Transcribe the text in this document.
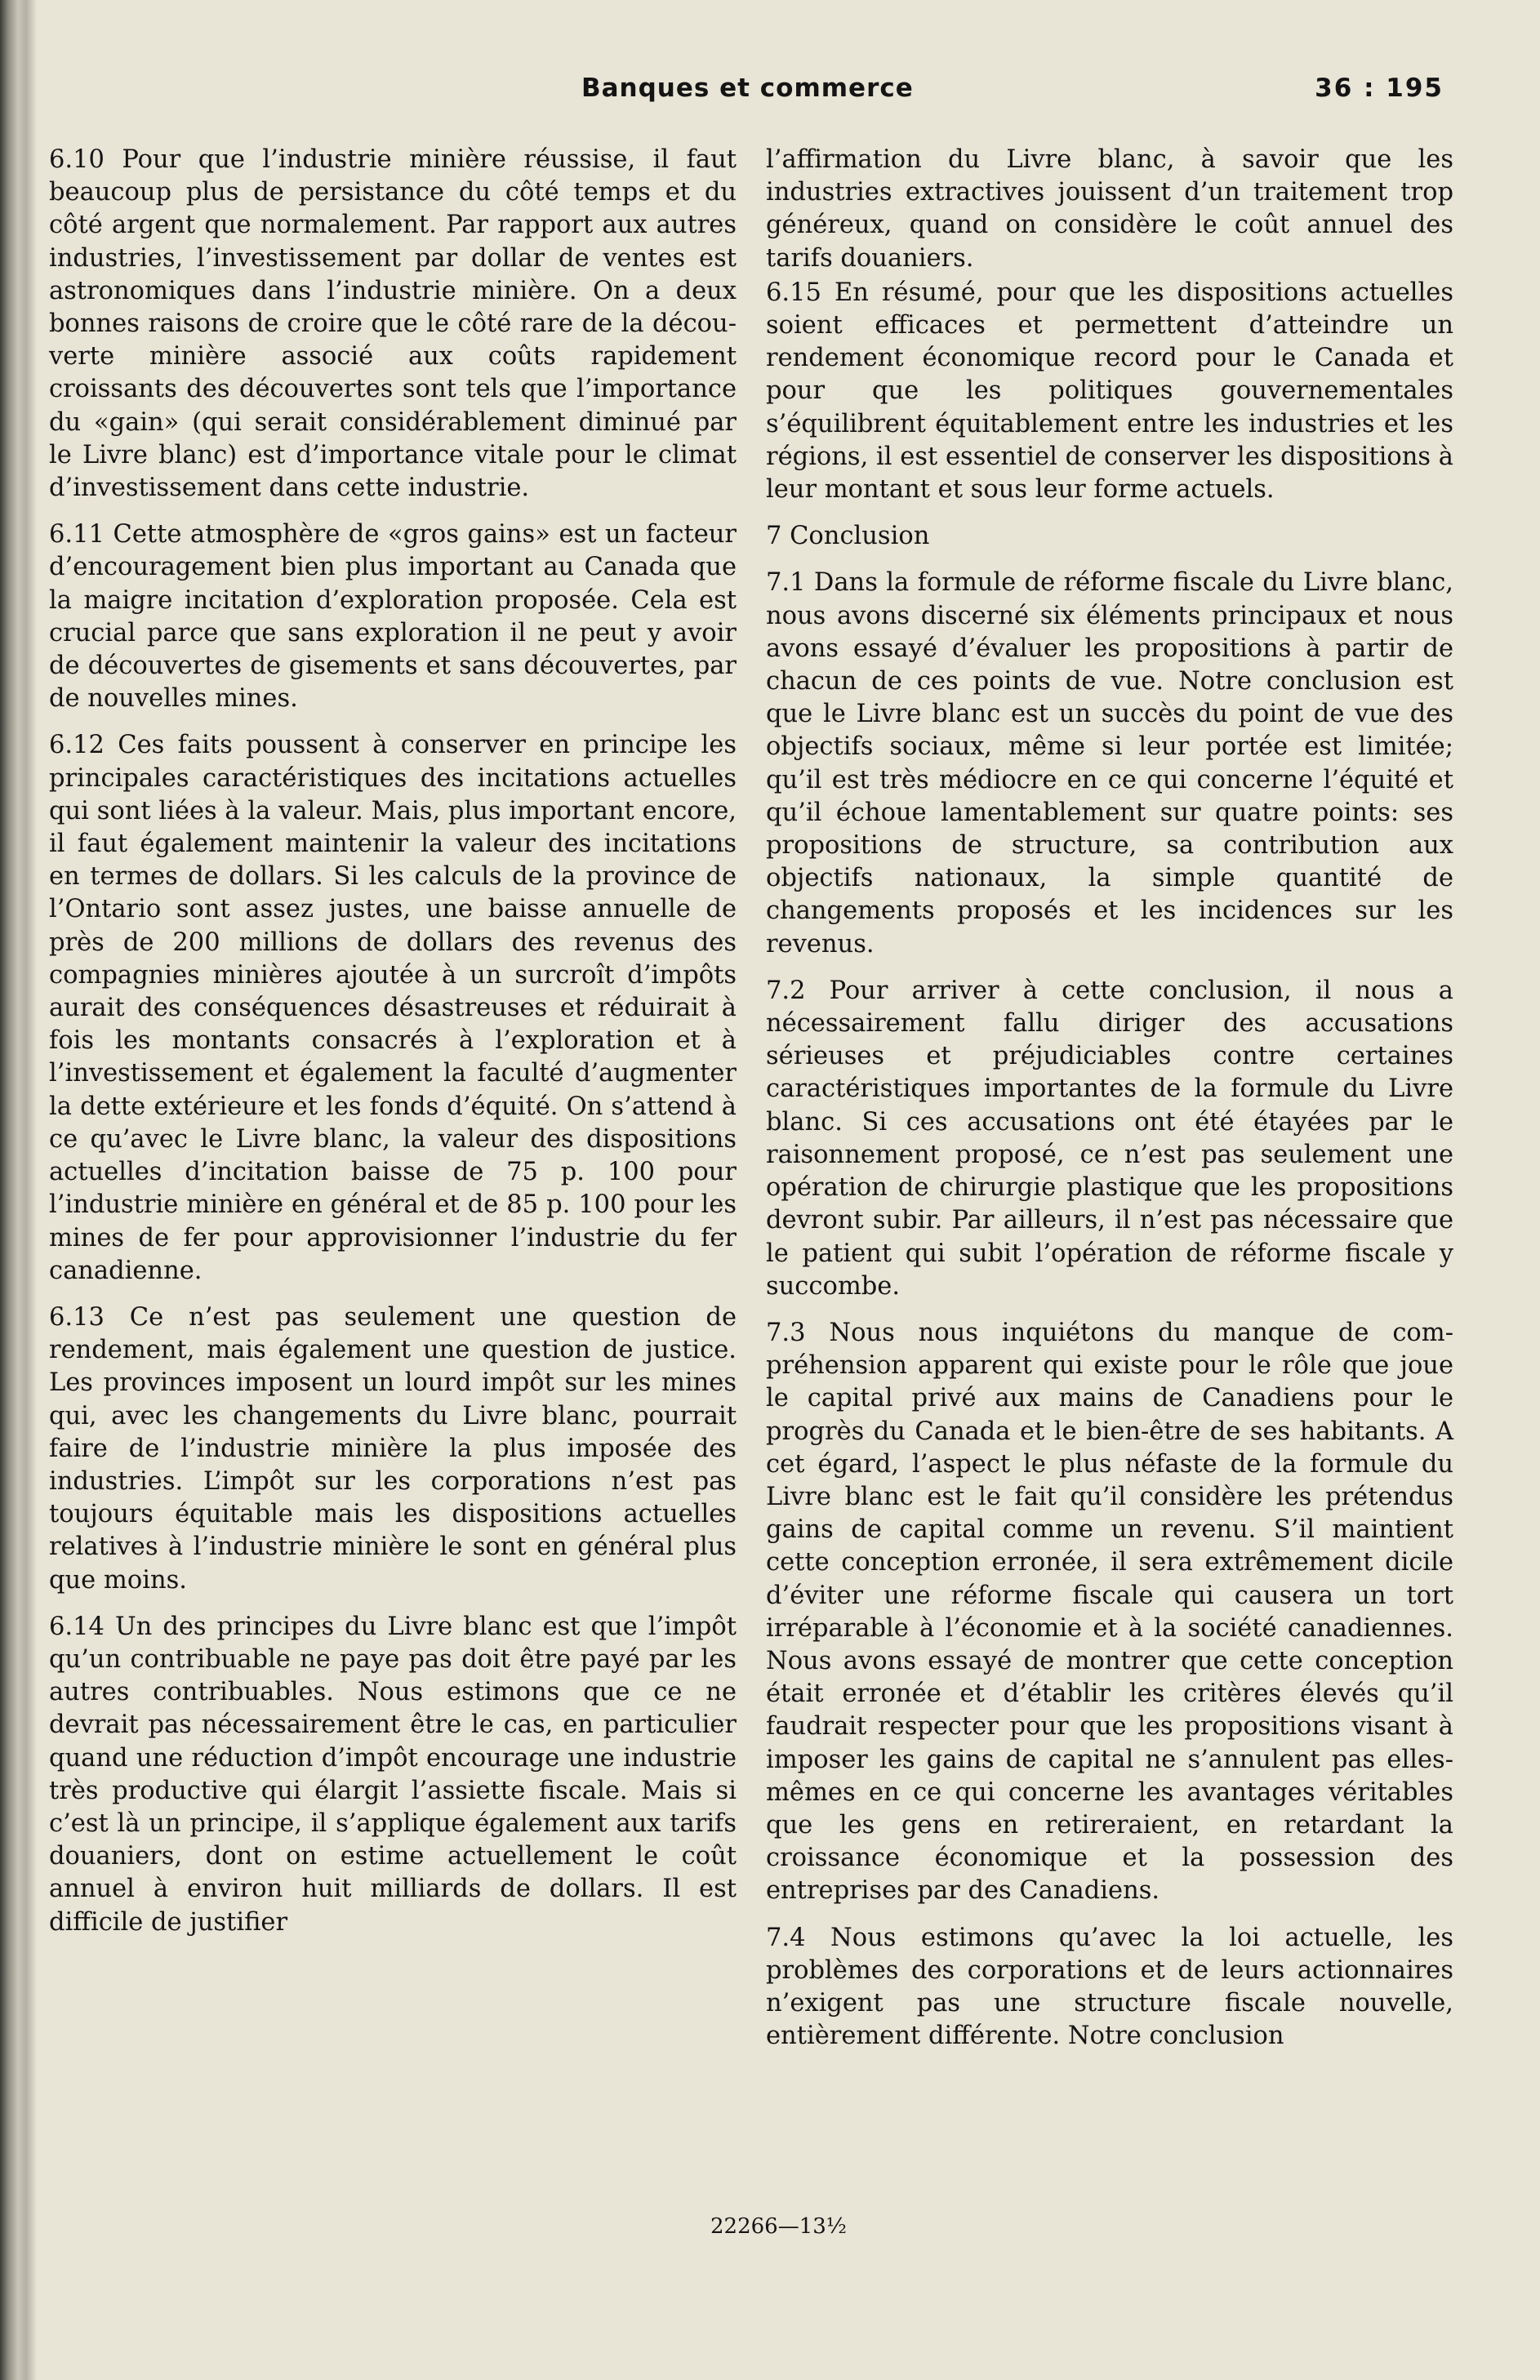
Banques et commerce	36 : 195

6.10 Pour que l’industrie minière réussise, il faut beaucoup plus de persistance du côté temps et du côté argent que normalement. Par rapport aux autres industries, l’investissement par dollar de ventes est astronomiques dans l’industrie minière. On a deux bonnes raisons de croire que le côté rare de la découverte minière associé aux coûts rapidement croissants des découvertes sont tels que l’importance du «gain» (qui serait considérablement diminué par le Livre blanc) est d’importance vitale pour le climat d’investissement dans cette industrie.

6.11 Cette atmosphère de «gros gains» est un facteur d’encouragement bien plus important au Canada que la maigre incitation d’exploration proposée. Cela est crucial parce que sans exploration il ne peut y avoir de découvertes de gisements et sans découvertes, par de nouvelles mines.

6.12 Ces faits poussent à conserver en principe les principales caractéristiques des incitations actuelles qui sont liées à la valeur. Mais, plus important encore, il faut également maintenir la valeur des incitations en termes de dollars. Si les calculs de la province de l’Ontario sont assez justes, une baisse annuelle de près de 200 millions de dollars des revenus des compagnies minières ajoutée à un surcroît d’impôts aurait des conséquences désastreuses et réduirait à fois les montants consacrés à l’exploration et à l’investissement et également la faculté d’augmenter la dette extérieure et les fonds d’équité. On s’attend à ce qu’avec le Livre blanc, la valeur des dispositions actuelles d’incitation baisse de 75 p. 100 pour l’industrie minière en général et de 85 p. 100 pour les mines de fer pour approvisionner l’industrie du fer canadienne.

6.13 Ce n’est pas seulement une question de rendement, mais également une question de justice. Les provinces imposent un lourd impôt sur les mines qui, avec les changements du Livre blanc, pourrait faire de l’industrie minière la plus imposée des industries. L’impôt sur les corporations n’est pas toujours équitable mais les dispositions actuelles relatives à l’industrie minière le sont en général plus que moins.

6.14 Un des principes du Livre blanc est que l’impôt qu’un contribuable ne paye pas doit être payé par les autres contribuables. Nous estimons que ce ne devrait pas nécessairement être le cas, en particulier quand une réduction d’impôt encourage une industrie très productive qui élargit l’assiette fiscale. Mais si c’est là un principe, il s’applique également aux tarifs douaniers, dont on estime actuellement le coût annuel à environ huit milliards de dollars. Il est difficile de justifier

l’affirmation du Livre blanc, à savoir que les industries extractives jouissent d’un traitement trop généreux, quand on considère le coût annuel des tarifs douaniers.

6.15 En résumé, pour que les dispositions actuelles soient efficaces et permettent d’atteindre un rendement économique record pour le Canada et pour que les politiques gouvernementales s’équilibrent équitablement entre les industries et les régions, il est essentiel de conserver les dispositions à leur montant et sous leur forme actuels.

7 Conclusion

7.1 Dans la formule de réforme fiscale du Livre blanc, nous avons discerné six éléments principaux et nous avons essayé d’évaluer les propositions à partir de chacun de ces points de vue. Notre conclusion est que le Livre blanc est un succès du point de vue des objectifs sociaux, même si leur portée est limitée; qu’il est très médiocre en ce qui concerne l’équité et qu’il échoue lamentablement sur quatre points: ses propositions de structure, sa contribution aux objectifs nationaux, la simple quantité de changements proposés et les incidences sur les revenus.

7.2 Pour arriver à cette conclusion, il nous a nécessairement fallu diriger des accusations sérieuses et préjudiciables contre certaines caractéristiques importantes de la formule du Livre blanc. Si ces accusations ont été étayées par le raisonnement proposé, ce n’est pas seulement une opération de chirurgie plastique que les propositions devront subir. Par ailleurs, il n’est pas nécessaire que le patient qui subit l’opération de réforme fiscale y succombe.

7.3 Nous nous inquiétons du manque de compréhension apparent qui existe pour le rôle que joue le capital privé aux mains de Canadiens pour le progrès du Canada et le bien-être de ses habitants. A cet égard, l’aspect le plus néfaste de la formule du Livre blanc est le fait qu’il considère les prétendus gains de capital comme un revenu. S’il maintient cette conception erronée, il sera extrêmement dicile d’éviter une réforme fiscale qui causera un tort irréparable à l’économie et à la société canadiennes. Nous avons essayé de montrer que cette conception était erronée et d’établir les critères élevés qu’il faudrait respecter pour que les propositions visant à imposer les gains de capital ne s’annulent pas elles-mêmes en ce qui concerne les avantages véritables que les gens en retireraient, en retardant la croissance économique et la possession des entreprises par des Canadiens.

7.4 Nous estimons qu’avec la loi actuelle, les problèmes des corporations et de leurs actionnaires n’exigent pas une structure fiscale nouvelle, entièrement différente. Notre conclusion

22266—13½
